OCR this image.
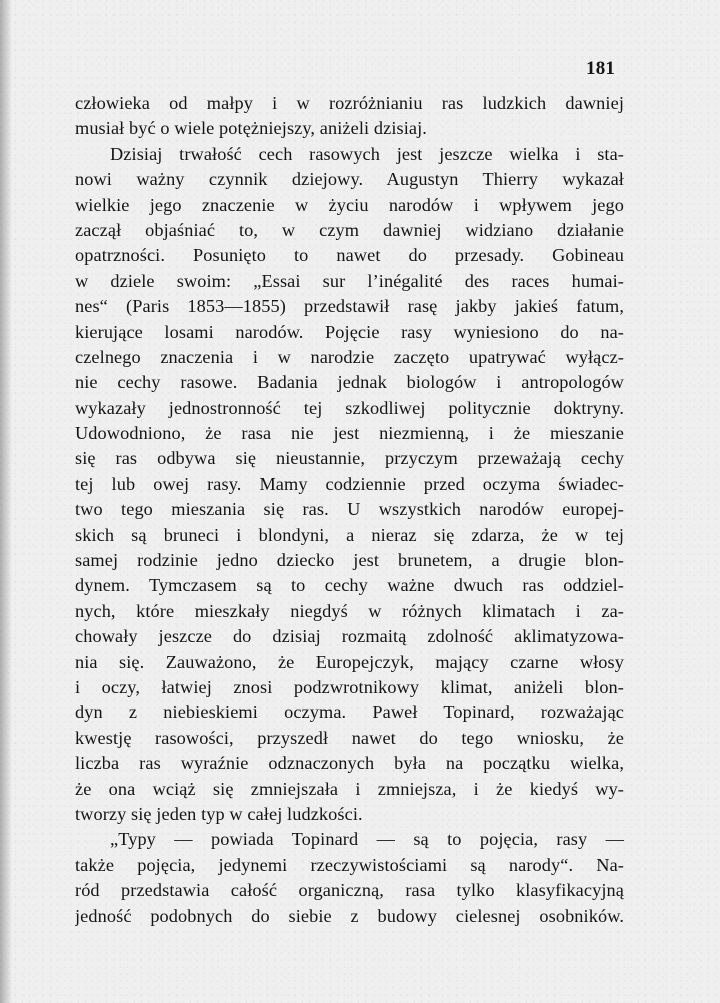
181
człowieka od małpy i w rozróżnianiu ras ludzkich dawniej
musiał być o wiele potężniejszy, aniżeli dzisiaj.
Dzisiaj trwałość cech rasowych jest jeszcze wielka i sta-
nowi ważny czynnik dziejowy. Augustyn Thierry wykazał
wielkie jego znaczenie w życiu narodów i wpływem jego
zaczął objaśniać to, w czym dawniej widziano działanie
opatrzności. Posunięto to nawet do przesady. Gobineau
w dziele swoim: „Essai sur l’inégalité des races humai-
nes“ (Paris 1853—1855) przedstawił rasę jakby jakieś fatum,
kierujące losami narodów. Pojęcie rasy wyniesiono do na-
czelnego znaczenia i w narodzie zaczęto upatrywać wyłącz-
nie cechy rasowe. Badania jednak biologów i antropologów
wykazały jednostronność tej szkodliwej politycznie doktryny.
Udowodniono, że rasa nie jest niezmienną, i że mieszanie
się ras odbywa się nieustannie, przyczym przeważają cechy
tej lub owej rasy. Mamy codziennie przed oczyma świadec-
two tego mieszania się ras. U wszystkich narodów europej-
skich są bruneci i blondyni, a nieraz się zdarza, że w tej
samej rodzinie jedno dziecko jest brunetem, a drugie blon-
dynem. Tymczasem są to cechy ważne dwuch ras oddziel-
nych, które mieszkały niegdyś w różnych klimatach i za-
chowały jeszcze do dzisiaj rozmaitą zdolność aklimatyzowa-
nia się. Zauważono, że Europejczyk, mający czarne włosy
i oczy, łatwiej znosi podzwrotnikowy klimat, aniżeli blon-
dyn z niebieskiemi oczyma. Paweł Topinard, rozważając
kwestję rasowości, przyszedł nawet do tego wniosku, że
liczba ras wyraźnie odznaczonych była na początku wielka,
że ona wciąż się zmniejszała i zmniejsza, i że kiedyś wy-
tworzy się jeden typ w całej ludzkości.
„Typy — powiada Topinard — są to pojęcia, rasy —
także pojęcia, jedynemi rzeczywistościami są narody“. Na-
ród przedstawia całość organiczną, rasa tylko klasyfikacyjną
jedność podobnych do siebie z budowy cielesnej osobników.
